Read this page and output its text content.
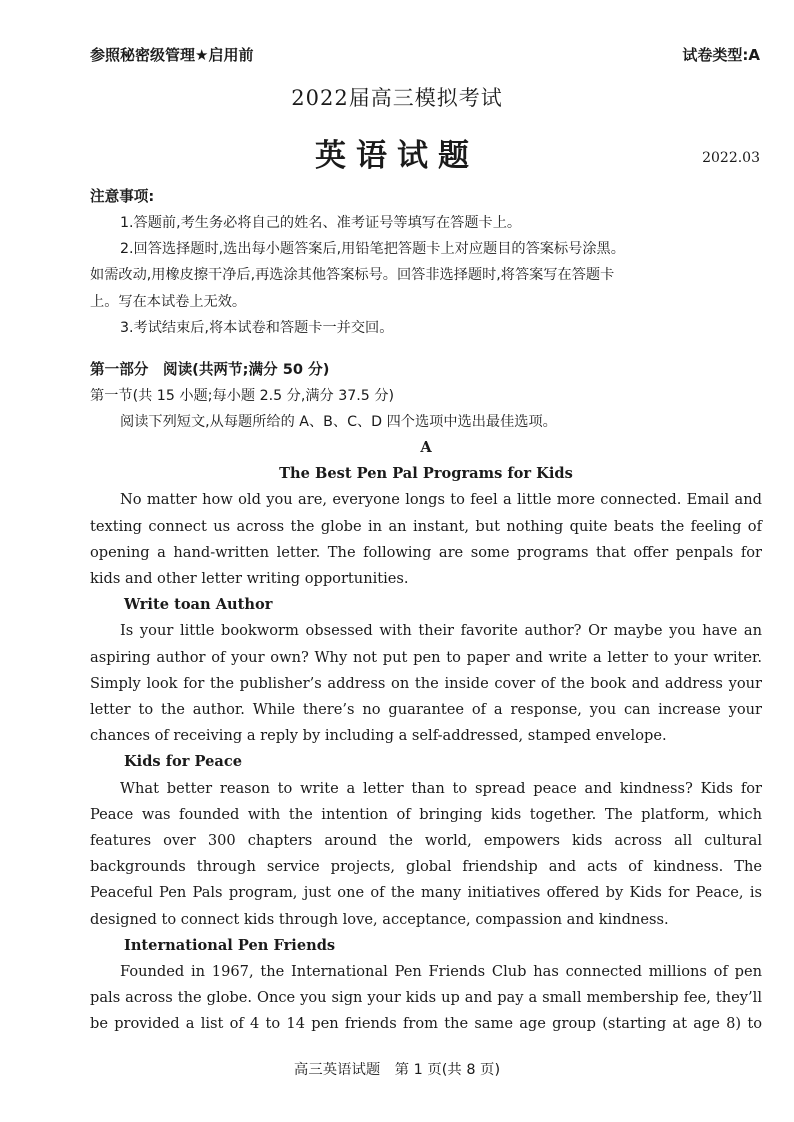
参照秘密级管理★启用前	试卷类型:A
2022届高三模拟考试
英语试题	2022.03
注意事项:
1.答题前,考生务必将自己的姓名、准考证号等填写在答题卡上。
2.回答选择题时,选出每小题答案后,用铅笔把答题卡上对应题目的答案标号涂黑。
如需改动,用橡皮擦干净后,再选涂其他答案标号。回答非选择题时,将答案写在答题卡
上。写在本试卷上无效。
3.考试结束后,将本试卷和答题卡一并交回。
第一部分　阅读(共两节;满分 50 分)
第一节(共 15 小题;每小题 2.5 分,满分 37.5 分)
阅读下列短文,从每题所给的 A、B、C、D 四个选项中选出最佳选项。
A
The Best Pen Pal Programs for Kids
No matter how old you are, everyone longs to feel a little more connected. Email and
texting connect us across the globe in an instant, but nothing quite beats the feeling of
opening a hand-written letter. The following are some programs that offer penpals for
kids and other letter writing opportunities.
Write toan Author
Is your little bookworm obsessed with their favorite author? Or maybe you have an
aspiring author of your own? Why not put pen to paper and write a letter to your writer.
Simply look for the publisher’s address on the inside cover of the book and address your
letter to the author. While there’s no guarantee of a response, you can increase your
chances of receiving a reply by including a self-addressed, stamped envelope.
Kids for Peace
What better reason to write a letter than to spread peace and kindness? Kids for
Peace was founded with the intention of bringing kids together. The platform, which
features over 300 chapters around the world, empowers kids across all cultural
backgrounds through service projects, global friendship and acts of kindness. The
Peaceful Pen Pals program, just one of the many initiatives offered by Kids for Peace, is
designed to connect kids through love, acceptance, compassion and kindness.
International Pen Friends
Founded in 1967, the International Pen Friends Club has connected millions of pen
pals across the globe. Once you sign your kids up and pay a small membership fee, they’ll
be provided a list of 4 to 14 pen friends from the same age group (starting at age 8) to
高三英语试题　第 1 页(共 8 页)
